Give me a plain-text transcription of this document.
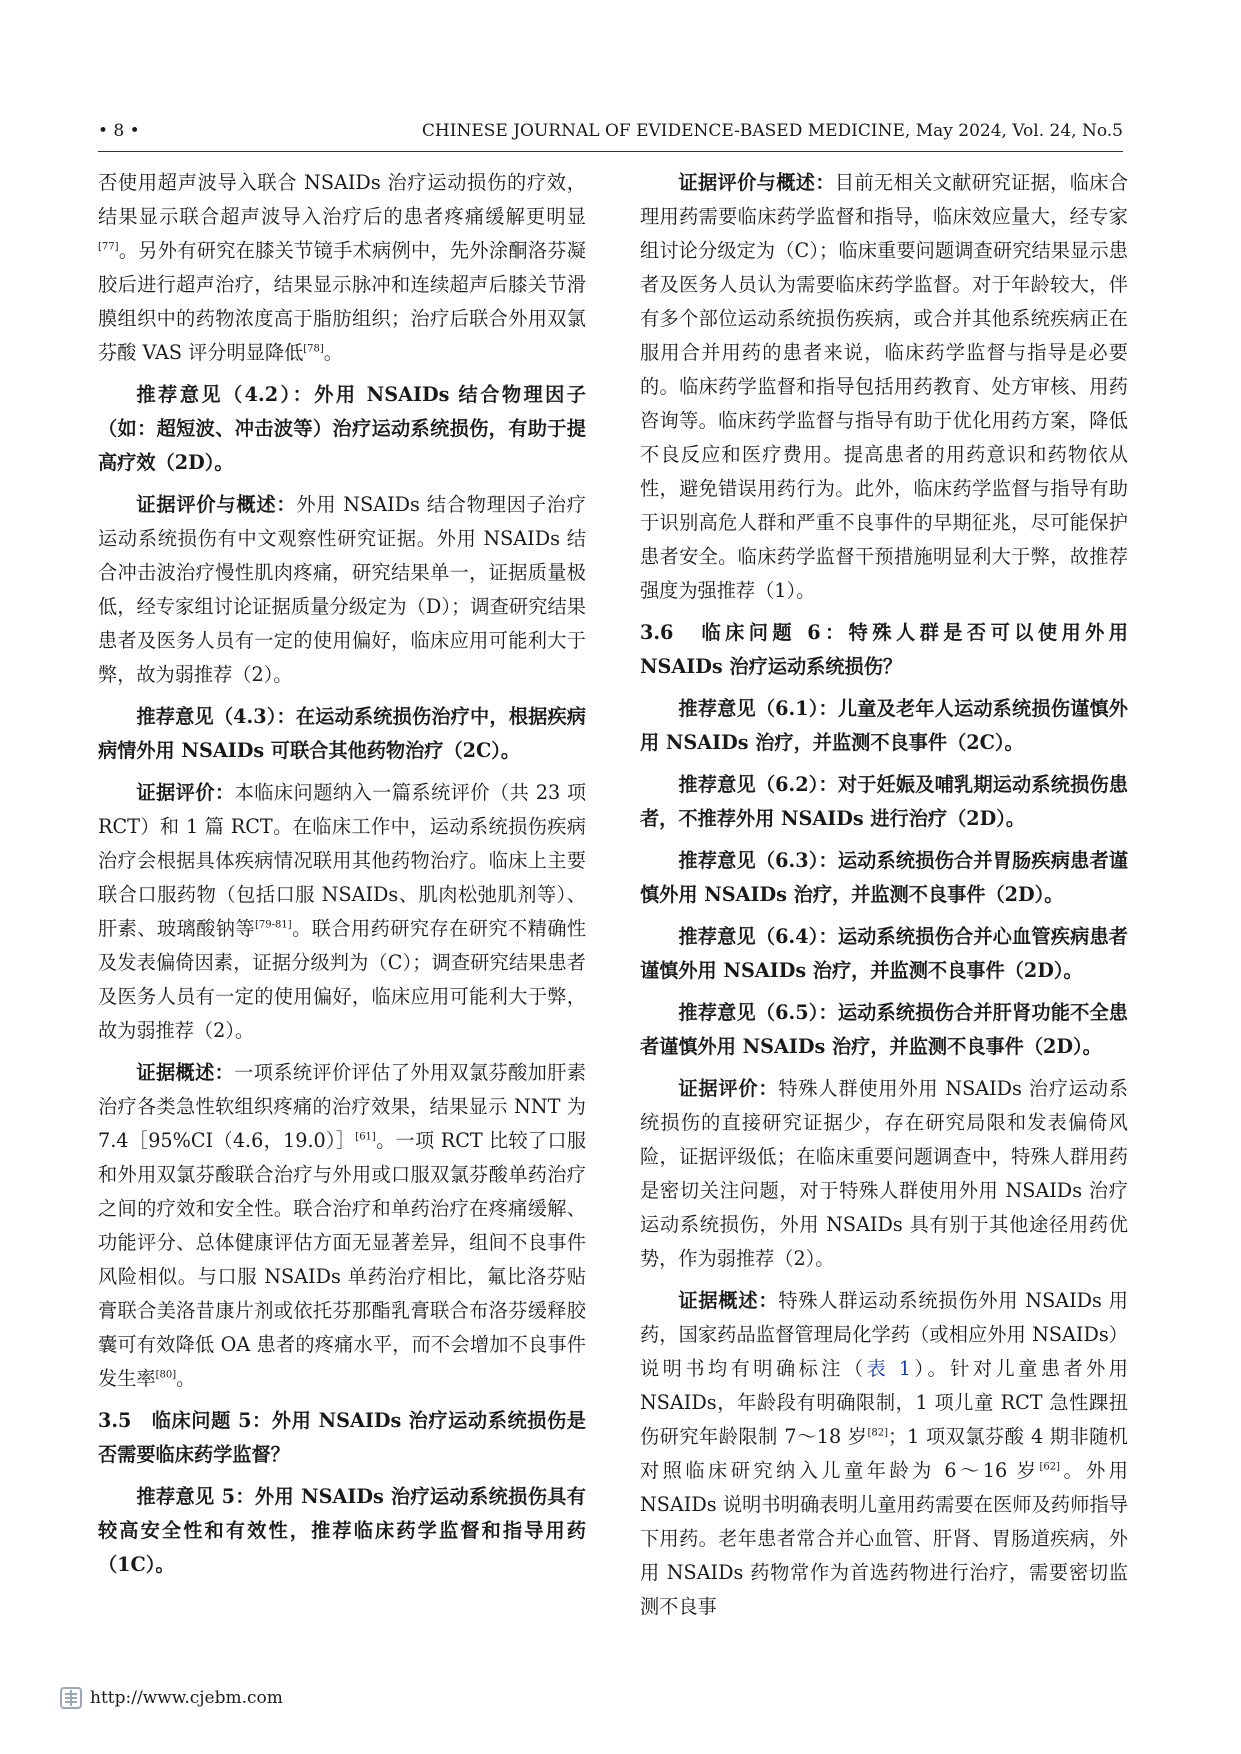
• 8 •	CHINESE JOURNAL OF EVIDENCE-BASED MEDICINE, May 2024, Vol. 24, No.5

否使用超声波导入联合 NSAIDs 治疗运动损伤的疗效，结果显示联合超声波导入治疗后的患者疼痛缓解更明显[77]。另外有研究在膝关节镜手术病例中，先外涂酮洛芬凝胶后进行超声治疗，结果显示脉冲和连续超声后膝关节滑膜组织中的药物浓度高于脂肪组织；治疗后联合外用双氯芬酸 VAS 评分明显降低[78]。

推荐意见（4.2）：外用 NSAIDs 结合物理因子（如：超短波、冲击波等）治疗运动系统损伤，有助于提高疗效（2D）。

证据评价与概述：外用 NSAIDs 结合物理因子治疗运动系统损伤有中文观察性研究证据。外用 NSAIDs 结合冲击波治疗慢性肌肉疼痛，研究结果单一，证据质量极低，经专家组讨论证据质量分级定为（D）；调查研究结果患者及医务人员有一定的使用偏好，临床应用可能利大于弊，故为弱推荐（2）。

推荐意见（4.3）：在运动系统损伤治疗中，根据疾病病情外用 NSAIDs 可联合其他药物治疗（2C）。

证据评价：本临床问题纳入一篇系统评价（共 23 项 RCT）和 1 篇 RCT。在临床工作中，运动系统损伤疾病治疗会根据具体疾病情况联用其他药物治疗。临床上主要联合口服药物（包括口服 NSAIDs、肌肉松弛肌剂等）、肝素、玻璃酸钠等[79-81]。联合用药研究存在研究不精确性及发表偏倚因素，证据分级判为（C）；调查研究结果患者及医务人员有一定的使用偏好，临床应用可能利大于弊，故为弱推荐（2）。

证据概述：一项系统评价评估了外用双氯芬酸加肝素治疗各类急性软组织疼痛的治疗效果，结果显示 NNT 为 7.4［95%CI（4.6，19.0）］[61]。一项 RCT 比较了口服和外用双氯芬酸联合治疗与外用或口服双氯芬酸单药治疗之间的疗效和安全性。联合治疗和单药治疗在疼痛缓解、功能评分、总体健康评估方面无显著差异，组间不良事件风险相似。与口服 NSAIDs 单药治疗相比，氟比洛芬贴膏联合美洛昔康片剂或依托芬那酯乳膏联合布洛芬缓释胶囊可有效降低 OA 患者的疼痛水平，而不会增加不良事件发生率[80]。

3.5　临床问题 5：外用 NSAIDs 治疗运动系统损伤是否需要临床药学监督？

推荐意见 5：外用 NSAIDs 治疗运动系统损伤具有较高安全性和有效性，推荐临床药学监督和指导用药（1C）。

证据评价与概述：目前无相关文献研究证据，临床合理用药需要临床药学监督和指导，临床效应量大，经专家组讨论分级定为（C）；临床重要问题调查研究结果显示患者及医务人员认为需要临床药学监督。对于年龄较大，伴有多个部位运动系统损伤疾病，或合并其他系统疾病正在服用合并用药的患者来说，临床药学监督与指导是必要的。临床药学监督和指导包括用药教育、处方审核、用药咨询等。临床药学监督与指导有助于优化用药方案，降低不良反应和医疗费用。提高患者的用药意识和药物依从性，避免错误用药行为。此外，临床药学监督与指导有助于识别高危人群和严重不良事件的早期征兆，尽可能保护患者安全。临床药学监督干预措施明显利大于弊，故推荐强度为强推荐（1）。

3.6　临床问题 6：特殊人群是否可以使用外用 NSAIDs 治疗运动系统损伤？

推荐意见（6.1）：儿童及老年人运动系统损伤谨慎外用 NSAIDs 治疗，并监测不良事件（2C）。

推荐意见（6.2）：对于妊娠及哺乳期运动系统损伤患者，不推荐外用 NSAIDs 进行治疗（2D）。

推荐意见（6.3）：运动系统损伤合并胃肠疾病患者谨慎外用 NSAIDs 治疗，并监测不良事件（2D）。

推荐意见（6.4）：运动系统损伤合并心血管疾病患者谨慎外用 NSAIDs 治疗，并监测不良事件（2D）。

推荐意见（6.5）：运动系统损伤合并肝肾功能不全患者谨慎外用 NSAIDs 治疗，并监测不良事件（2D）。

证据评价：特殊人群使用外用 NSAIDs 治疗运动系统损伤的直接研究证据少，存在研究局限和发表偏倚风险，证据评级低；在临床重要问题调查中，特殊人群用药是密切关注问题，对于特殊人群使用外用 NSAIDs 治疗运动系统损伤，外用 NSAIDs 具有别于其他途径用药优势，作为弱推荐（2）。

证据概述：特殊人群运动系统损伤外用 NSAIDs 用药，国家药品监督管理局化学药（或相应外用 NSAIDs）说明书均有明确标注（表 1）。针对儿童患者外用 NSAIDs，年龄段有明确限制，1 项儿童 RCT 急性踝扭伤研究年龄限制 7～18 岁[82]；1 项双氯芬酸 4 期非随机对照临床研究纳入儿童年龄为 6～16 岁[62]。外用 NSAIDs 说明书明确表明儿童用药需要在医师及药师指导下用药。老年患者常合并心血管、肝肾、胃肠道疾病，外用 NSAIDs 药物常作为首选药物进行治疗，需要密切监测不良事

http://www.cjebm.com
